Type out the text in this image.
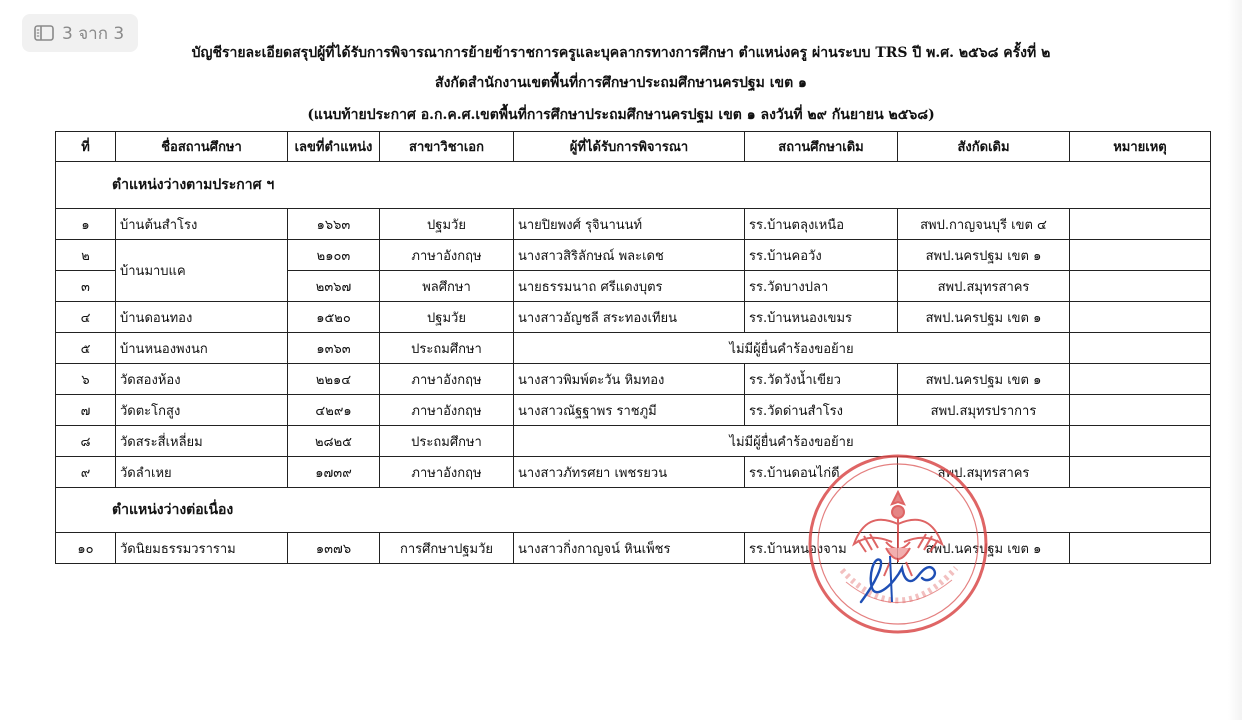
3 จาก 3
บัญชีรายละเอียดสรุปผู้ที่ได้รับการพิจารณาการย้ายข้าราชการครูและบุคลากรทางการศึกษา ตำแหน่งครู ผ่านระบบ TRS ปี พ.ศ. ๒๕๖๘ ครั้งที่ ๒
สังกัดสำนักงานเขตพื้นที่การศึกษาประถมศึกษานครปฐม เขต ๑
(แนบท้ายประกาศ อ.ก.ค.ศ.เขตพื้นที่การศึกษาประถมศึกษานครปฐม เขต ๑ ลงวันที่ ๒๙ กันยายน ๒๕๖๘)
ที่	ชื่อสถานศึกษา	เลขที่ตำแหน่ง	สาขาวิชาเอก	ผู้ที่ได้รับการพิจารณา	สถานศึกษาเดิม	สังกัดเดิม	หมายเหตุ
ตำแหน่งว่างตามประกาศ ฯ							
๑	บ้านต้นสำโรง	๑๖๖๓	ปฐมวัย	นายปิยพงศ์ รุจินานนท์	รร.บ้านตลุงเหนือ	สพป.กาญจนบุรี เขต ๔	
๒	บ้านมาบแค	๒๑๐๓	ภาษาอังกฤษ	นางสาวสิริลักษณ์ พละเดช	รร.บ้านคอวัง	สพป.นครปฐม เขต ๑	
๓		๒๓๖๗	พลศึกษา	นายธรรมนาถ ศรีแดงบุตร	รร.วัดบางปลา	สพป.สมุทรสาคร	
๔	บ้านดอนทอง	๑๕๒๐	ปฐมวัย	นางสาวอัญชลี สระทองเทียน	รร.บ้านหนองเขมร	สพป.นครปฐม เขต ๑	
๕	บ้านหนองพงนก	๑๓๖๓	ประถมศึกษา	ไม่มีผู้ยื่นคำร้องขอย้าย			
๖	วัดสองห้อง	๒๒๑๔	ภาษาอังกฤษ	นางสาวพิมพ์ตะวัน หิมทอง	รร.วัดวังน้ำเขียว	สพป.นครปฐม เขต ๑	
๗	วัดตะโกสูง	๔๒๙๑	ภาษาอังกฤษ	นางสาวณัฐฐาพร ราชภูมี	รร.วัดด่านสำโรง	สพป.สมุทรปราการ	
๘	วัดสระสี่เหลี่ยม	๒๘๒๕	ประถมศึกษา	ไม่มีผู้ยื่นคำร้องขอย้าย			
๙	วัดลำเหย	๑๗๓๙	ภาษาอังกฤษ	นางสาวภัทรศยา เพชรยวน	รร.บ้านดอนไก่ดี	สพป.สมุทรสาคร	
ตำแหน่งว่างต่อเนื่อง							
๑๐	วัดนิยมธรรมวราราม	๑๓๗๖	การศึกษาปฐมวัย	นางสาวกิ่งกาญจน์ หินเพ็ชร	รร.บ้านหนองจาม	สพป.นครปฐม เขต ๑	
